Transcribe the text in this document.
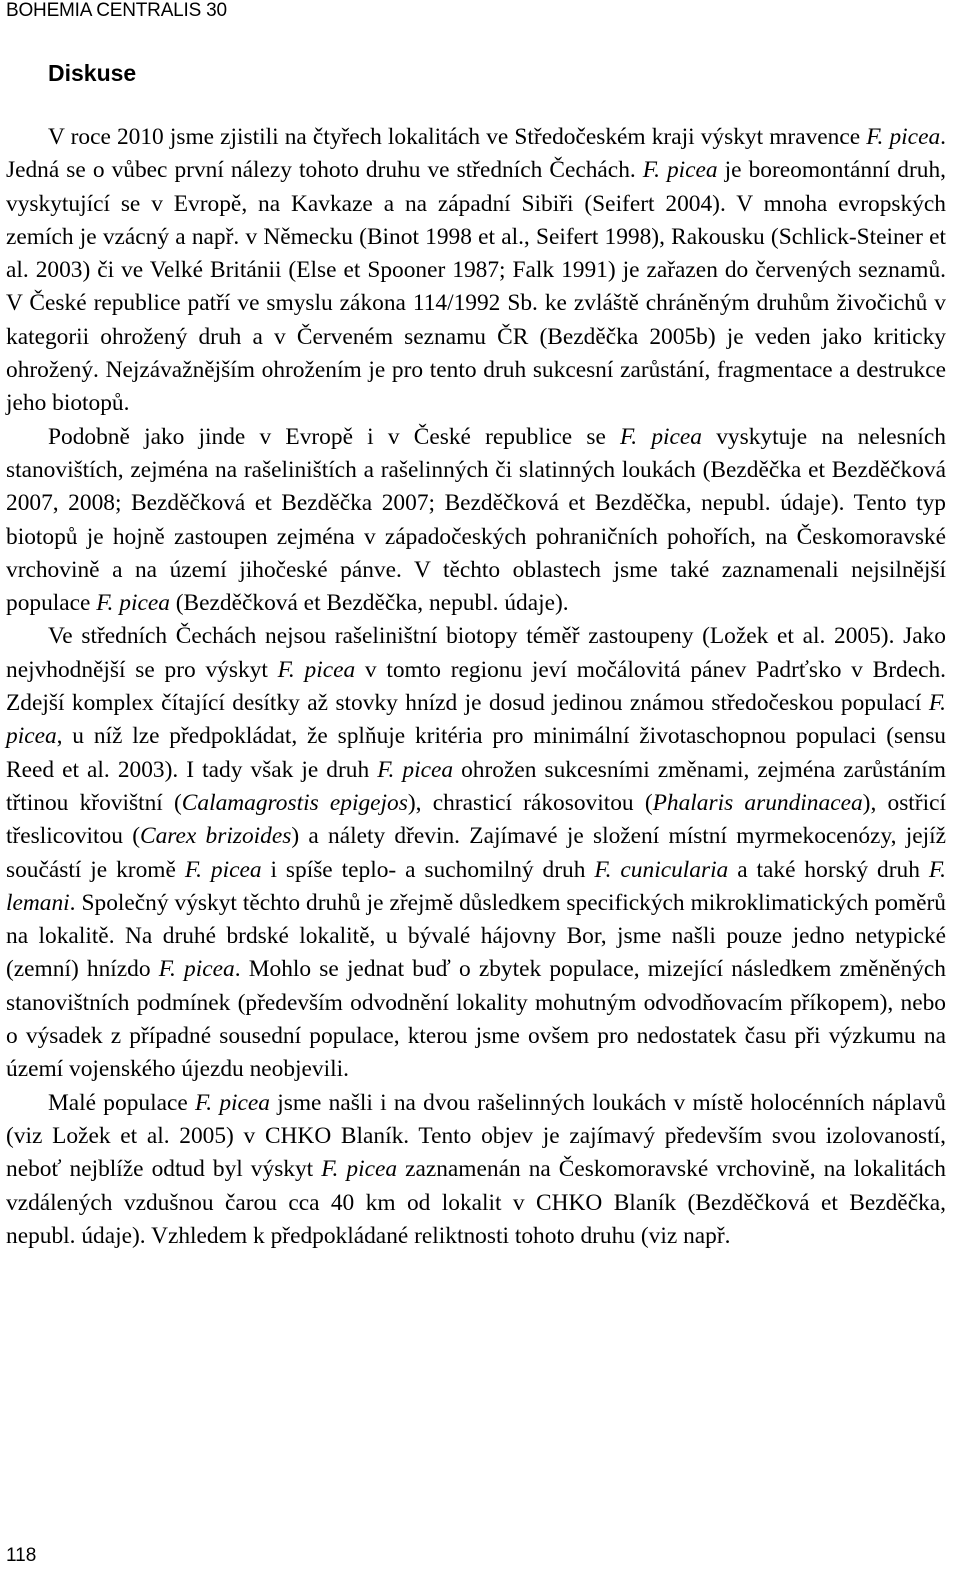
BOHEMIA CENTRALIS 30
Diskuse

V roce 2010 jsme zjistili na čtyřech lokalitách ve Středočeském kraji výskyt mravence F. picea. Jedná se o vůbec první nálezy tohoto druhu ve středních Čechách. F. picea je boreomontánní druh, vyskytující se v Evropě, na Kavkaze a na západní Sibiři (Seifert 2004). V mnoha evropských zemích je vzácný a např. v Německu (Binot 1998 et al., Seifert 1998), Rakousku (Schlick-Steiner et al. 2003) či ve Velké Británii (Else et Spooner 1987; Falk 1991) je zařazen do červených seznamů. V České republice patří ve smyslu zákona 114/1992 Sb. ke zvláště chráněným druhům živočichů v kategorii ohrožený druh a v Červeném seznamu ČR (Bezděčka 2005b) je veden jako kriticky ohrožený. Nejzávažnějším ohrožením je pro tento druh sukcesní zarůstání, fragmentace a destrukce jeho biotopů.

Podobně jako jinde v Evropě i v České republice se F. picea vyskytuje na nelesních stanovištích, zejména na rašeliništích a rašelinných či slatinných loukách (Bezděčka et Bezděčková 2007, 2008; Bezděčková et Bezděčka 2007; Bezděčková et Bezděčka, nepubl. údaje). Tento typ biotopů je hojně zastoupen zejména v západočeských pohraničních pohořích, na Českomoravské vrchovině a na území jihočeské pánve. V těchto oblastech jsme také zaznamenali nejsilnější populace F. picea (Bezděčková et Bezděčka, nepubl. údaje).

Ve středních Čechách nejsou rašeliništní biotopy téměř zastoupeny (Ložek et al. 2005). Jako nejvhodnější se pro výskyt F. picea v tomto regionu jeví močálovitá pánev Padrťsko v Brdech. Zdejší komplex čítající desítky až stovky hnízd je dosud jedinou známou středočeskou populací F. picea, u níž lze předpokládat, že splňuje kritéria pro minimální životaschopnou populaci (sensu Reed et al. 2003). I tady však je druh F. picea ohrožen sukcesními změnami, zejména zarůstáním třtinou křovištní (Calamagrostis epigejos), chrasticí rákosovitou (Phalaris arundinacea), ostřicí třeslicovitou (Carex brizoides) a nálety dřevin. Zajímavé je složení místní myrmekocenózy, jejíž součástí je kromě F. picea i spíše teplo- a suchomilný druh F. cunicularia a také horský druh F. lemani. Společný výskyt těchto druhů je zřejmě důsledkem specifických mikroklimatických poměrů na lokalitě. Na druhé brdské lokalitě, u bývalé hájovny Bor, jsme našli pouze jedno netypické (zemní) hnízdo F. picea. Mohlo se jednat buď o zbytek populace, mizející následkem změněných stanovištních podmínek (především odvodnění lokality mohutným odvodňovacím příkopem), nebo o výsadek z případné sousední populace, kterou jsme ovšem pro nedostatek času při výzkumu na území vojenského újezdu neobjevili.

Malé populace F. picea jsme našli i na dvou rašelinných loukách v místě holocénních náplavů (viz Ložek et al. 2005) v CHKO Blaník. Tento objev je zajímavý především svou izolovaností, neboť nejblíže odtud byl výskyt F. picea zaznamenán na Českomoravské vrchovině, na lokalitách vzdálených vzdušnou čarou cca 40 km od lokalit v CHKO Blaník (Bezděčková et Bezděčka, nepubl. údaje). Vzhledem k předpokládané reliktnosti tohoto druhu (viz např.

118
